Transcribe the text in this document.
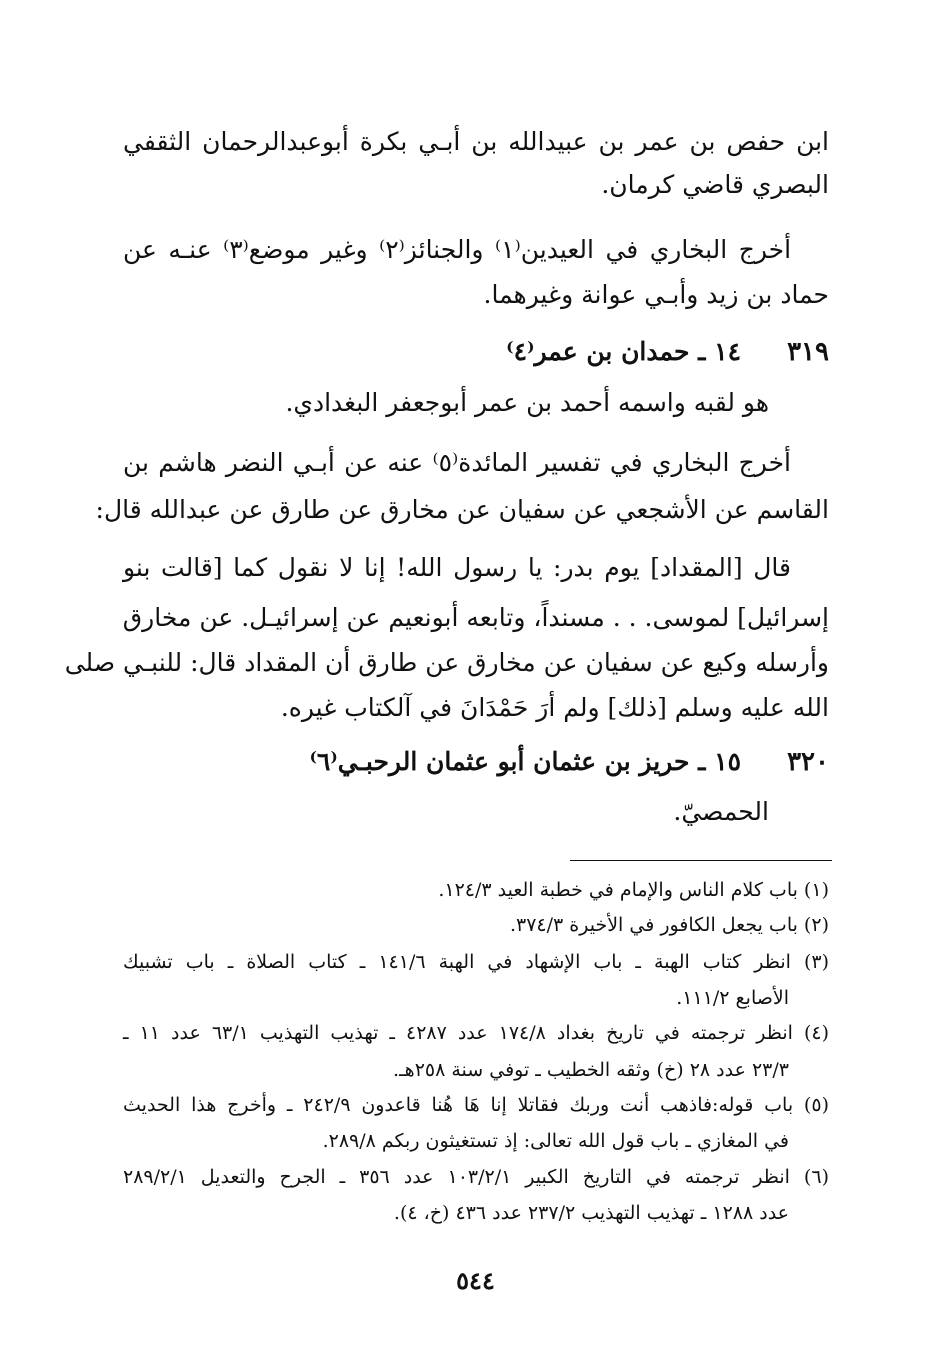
ابن حفص بن عمر بن عبيدالله بن أبـي بكرة أبوعبدالرحمان الثقفي
البصري قاضي كرمان.
أخرج البخاري في العيدين⁽١⁾ والجنائز⁽٢⁾ وغير موضع⁽٣⁾ عنـه عن
حماد بن زيد وأبـي عوانة وغيرهما.
٣١٩
١٤ ـ حمدان بن عمر⁽٤⁾
هو لقبه واسمه أحمد بن عمر أبوجعفر البغدادي.
أخرج البخاري في تفسير المائدة⁽٥⁾ عنه عن أبـي النضر هاشم بن
القاسم عن الأشجعي عن سفيان عن مخارق عن طارق عن عبدالله قال:
قال [المقداد] يوم بدر: يا رسول الله! إنا لا نقول كما [قالت بنو
إسرائيل] لموسى. . . مسنداً، وتابعه أبونعيم عن إسرائيـل. عن مخارق
وأرسله وكيع عن سفيان عن مخارق عن طارق أن المقداد قال: للنبـي صلى
الله عليه وسلم [ذلك] ولم أرَ حَمْدَانَ في آلكتاب غيره.
٣٢٠
١٥ ـ حريز بن عثمان أبو عثمان الرحبـي⁽٦⁾
الحمصيّ.
(١) باب كلام الناس والإمام في خطبة العيد ١٢٤/٣.
(٢) باب يجعل الكافور في الأخيرة ٣٧٤/٣.
(٣) انظر كتاب الهبة ـ باب الإشهاد في الهبة ١٤١/٦ ـ كتاب الصلاة ـ باب تشبيك
الأصابع ١١١/٢.
(٤) انظر ترجمته في تاريخ بغداد ١٧٤/٨ عدد ٤٢٨٧ ـ تهذيب التهذيب ٦٣/١ عدد ١١ ـ
٢٣/٣ عدد ٢٨ (خ) وثقه الخطيب ـ توفي سنة ٢٥٨هـ.
(٥) باب قوله:فاذهب أنت وربك فقاتلا إنا هَا هُنا قاعدون ٢٤٢/٩ ـ وأخرج هذا الحديث
في المغازي ـ باب قول الله تعالى: إذ تستغيثون ربكم ٢٨٩/٨.
(٦) انظر ترجمته في التاريخ الكبير ١٠٣/٢/١ عدد ٣٥٦ ـ الجرح والتعديل ٢٨٩/٢/١
عدد ١٢٨٨ ـ تهذيب التهذيب ٢٣٧/٢ عدد ٤٣٦ (خ، ٤).
٥٤٤
